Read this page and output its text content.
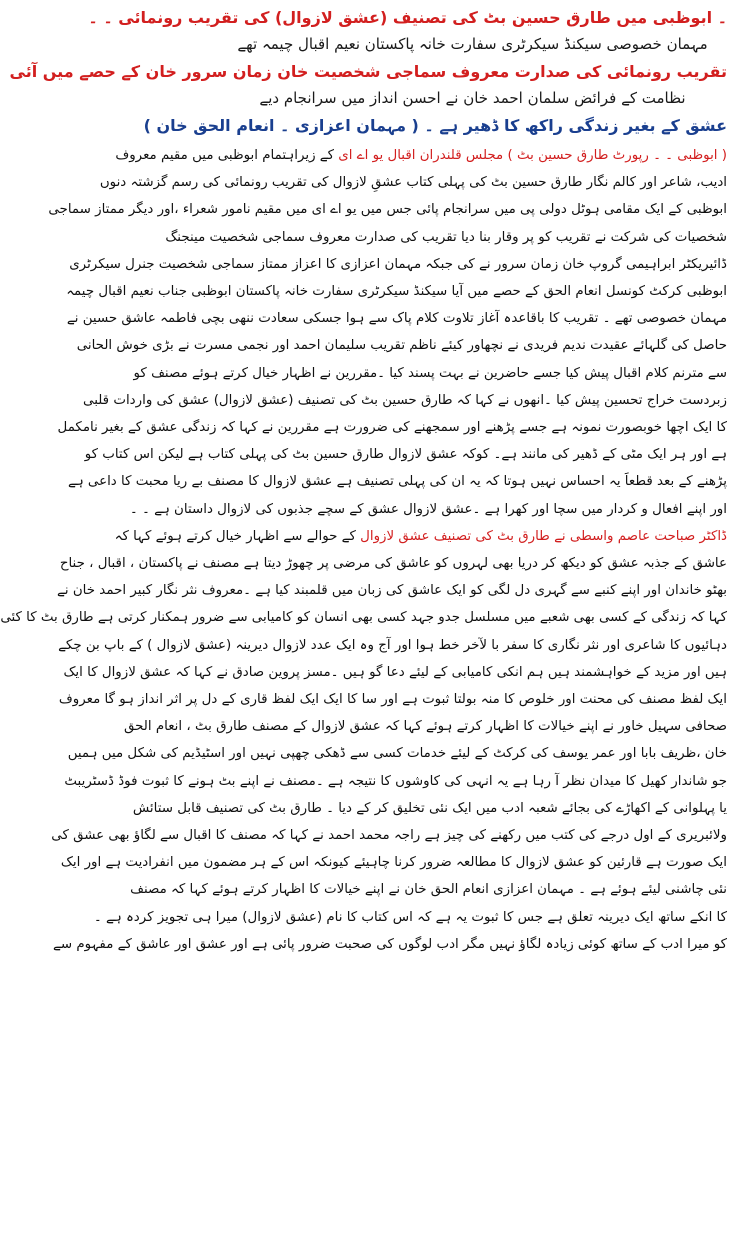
۔ ابوظبی میں طارق حسین بٹ کی تصنیف (عشق لازوال) کی تقریب رونمائی ۔ ۔

مہمان خصوصی سیکنڈ سیکرٹری سفارت خانہ پاکستان نعیم اقبال چیمہ تھے

تقریب رونمائی کی صدارت معروف سماجی شخصیت خان زمان سرور خان کے حصے میں آئی

نظامت کے فرائض سلمان احمد خان نے احسن انداز میں سرانجام دیے

عشق کے بغیر زندگی راکھ کا ڈھیر ہے ۔ ( مہمان اعزازی ۔ انعام الحق خان )

( ابوظبی ۔ ۔ رپورٹ طارق حسین بٹ ) مجلس قلندران اقبال یو اے ای کے زیراہتمام ابوظبی میں مقیم معروف

ادیب، شاعر اور کالم نگار طارق حسین بٹ کی پہلی کتاب عشقِ لازوال کی تقریب رونمائی کی رسم گزشتہ دنوں

ابوظبی کے ایک مقامی ہوٹل دولی پی میں سرانجام پائی جس میں یو اے ای میں مقیم نامور شعراء ،اور دیگر ممتاز سماجی

شخصیات کی شرکت نے تقریب کو پر وقار بنا دیا تقریب کی صدارت معروف سماجی شخصیت مینجنگ

ڈائیریکٹر ابراہیمی گروپ خان زمان سرور نے کی جبکہ مہمان اعزازی کا اعزاز ممتاز سماجی شخصیت جنرل سیکرٹری

ابوظبی کرکٹ کونسل انعام الحق کے حصے میں آیا سیکنڈ سیکرٹری سفارت خانہ پاکستان ابوظبی جناب نعیم اقبال چیمہ

مہمان خصوصی تھے ۔ تقریب کا باقاعدہ آغاز تلاوت کلام پاک سے ہوا جسکی سعادت ننھی بچی فاطمہ عاشق حسین نے

حاصل کی گلہائے عقیدت ندیم فریدی نے نچھاور کیئے ناظم تقریب سلیمان احمد اور نجمی مسرت نے بڑی خوش الحانی

سے مترنم کلام اقبال پیش کیا جسے حاضرین نے بہت پسند کیا ۔مقررین نے اظہار خیال کرتے ہوئے مصنف کو

زبردست خراج تحسین پیش کیا ۔انھوں نے کہا کہ طارق حسین بٹ کی تصنیف (عشق لازوال) عشق کی واردات قلبی

کا ایک اچھا خوبصورت نمونہ ہے جسے پڑھنے اور سمجھنے کی ضرورت ہے مقررین نے کہا کہ زندگی عشق کے بغیر نامکمل

ہے اور ہر ایک مٹی کے ڈھیر کی مانند ہے۔ کوکہ عشق لازوال طارق حسین بٹ کی پہلی کتاب ہے لیکن اس کتاب کو

پڑھنے کے بعد قطعاََ یہ احساس نہیں ہوتا کہ یہ ان کی پہلی تصنیف ہے عشق لازوال کا مصنف بے ریا محبت کا داعی ہے

اور اپنے افعال و کردار میں سچا اور کھرا ہے ۔عشق لازوال عشق کے سچے جذبوں کی لازوال داستان ہے ۔ ۔

ڈاکٹر صباحت عاصم واسطی نے طارق بٹ کی تصنیف عشق لازوال کے حوالے سے اظہار خیال کرتے ہوئے کہا کہ

عاشق کے جذبہ عشق کو دیکھ کر دریا بھی لہروں کو عاشق کی مرضی پر چھوڑ دیتا ہے مصنف نے پاکستان ، اقبال ، جناح

بھٹو خاندان اور اپنے کنبے سے گہری دل لگی کو ایک عاشق کی زبان میں قلمبند کیا ہے ۔معروف نثر نگار کبیر احمد خان نے

کہا کہ زندگی کے کسی بھی شعبے میں مسلسل جدو جہد کسی بھی انسان کو کامیابی سے ضرور ہمکنار کرتی ہے طارق بٹ کا کئی

دہائیوں کا شاعری اور نثر نگاری کا سفر با لآخر خط ہوا اور آج وہ ایک عدد لازوال دیرینہ (عشق لازوال ) کے باپ بن چکے

ہیں اور مزید کے خواہشمند ہیں ہم انکی کامیابی کے لیئے دعا گو ہیں ۔مسز پروین صادق نے کہا کہ عشق لازوال کا ایک

ایک لفظ مصنف کی محنت اور خلوص کا منہ بولتا ثبوت ہے اور سا کا ایک ایک لفظ قاری کے دل پر اثر انداز ہو گا معروف

صحافی سہیل خاور نے اپنے خیالات کا اظہار کرتے ہوئے کہا کہ عشق لازوال کے مصنف طارق بٹ ، انعام الحق

خان ،ظریف بابا اور عمر یوسف کی کرکٹ کے لیئے خدمات کسی سے ڈھکی چھپی نہیں اور اسٹیڈیم کی شکل میں ہمیں

جو شاندار کھیل کا میدان نظر آ رہا ہے یہ انہی کی کاوشوں کا نتیجہ ہے ۔مصنف نے اپنے بٹ ہونے کا ثبوت فوڈ ڈسٹریبٹ

یا پہلوانی کے اکھاڑے کی بجائے شعبہ ادب میں ایک نئی تخلیق کر کے دیا ۔ طارق بٹ کی تصنیف قابل ستائش

ولائبریری کے اول درجے کی کتب میں رکھنے کی چیز ہے راجہ محمد احمد نے کہا کہ مصنف کا اقبال سے لگاؤ بھی عشق کی

ایک صورت ہے قارئین کو عشق لازوال کا مطالعہ ضرور کرنا چاہیئے کیونکہ اس کے ہر مضمون میں انفرادیت ہے اور ایک

نئی چاشنی لیئے ہوئے ہے ۔ مہمان اعزازی انعام الحق خان نے اپنے خیالات کا اظہار کرتے ہوئے کہا کہ مصنف

کا انکے ساتھ ایک دیرینہ تعلق ہے جس کا ثبوت یہ ہے کہ اس کتاب کا نام (عشق لازوال) میرا ہی تجویز کردہ ہے ۔

کو میرا ادب کے ساتھ کوئی زیادہ لگاؤ نہیں مگر ادب لوگوں کی صحبت ضرور پائی ہے اور عشق اور عاشق کے مفہوم سے
